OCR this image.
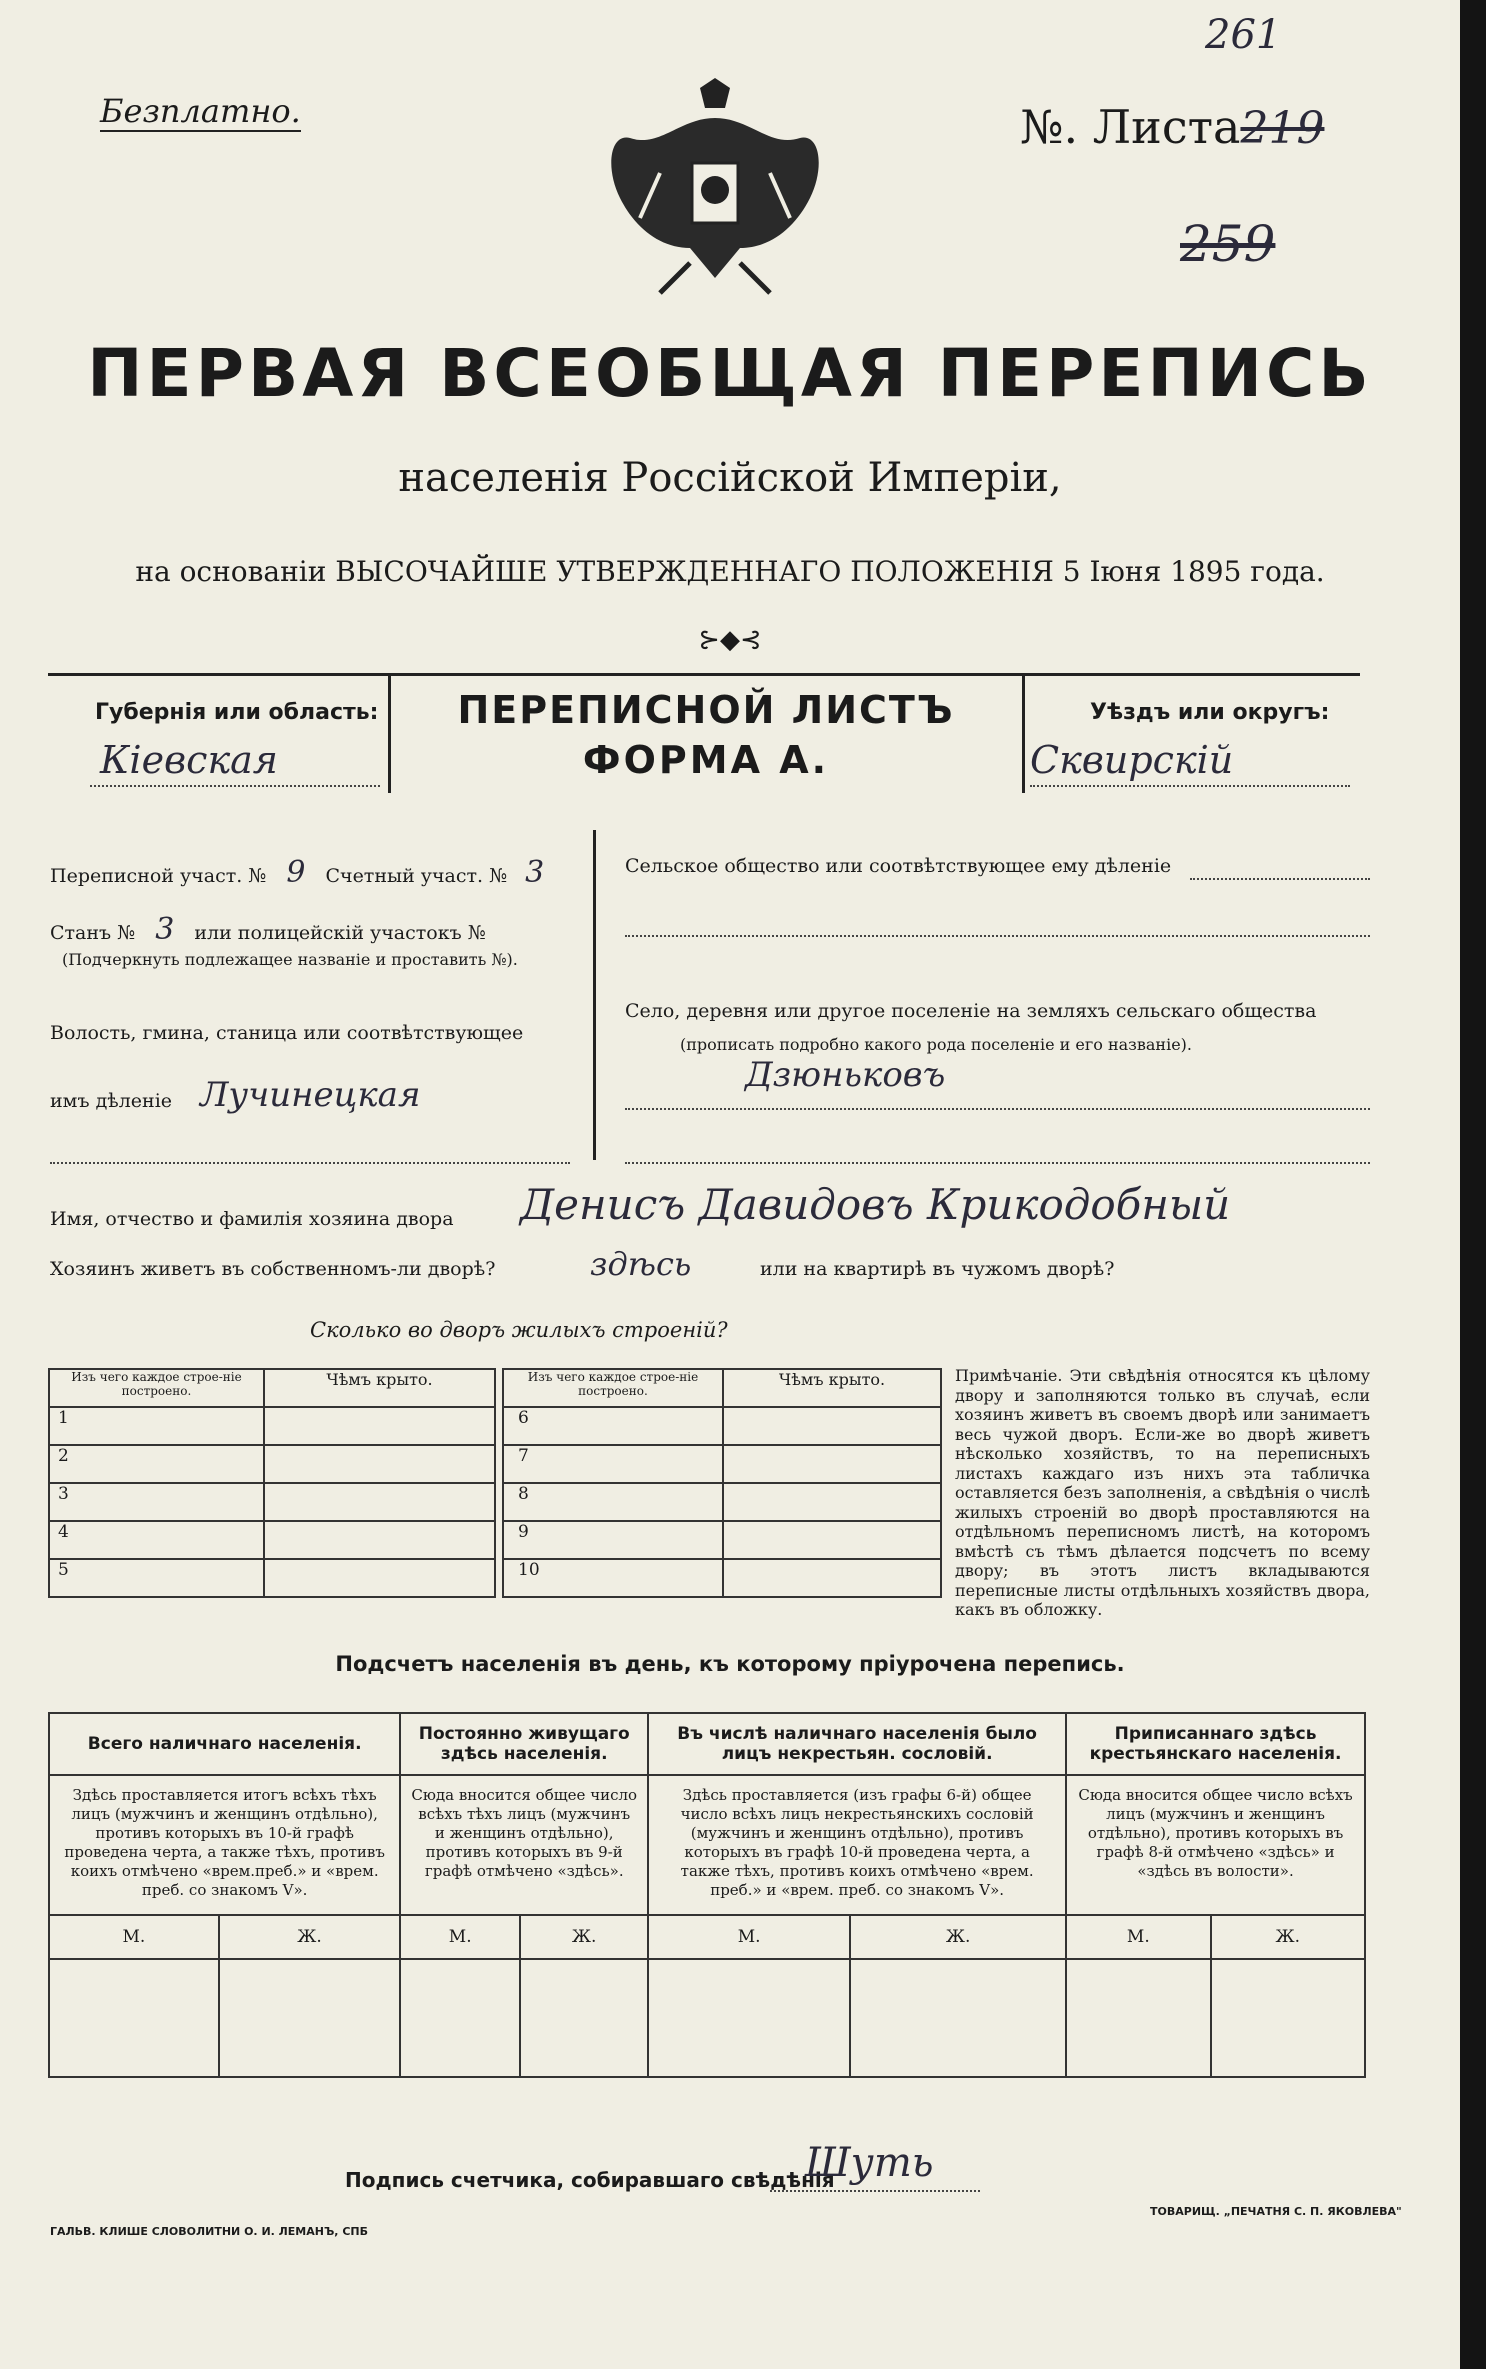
261
Безплатно.	№. Листа219
259
ПЕРВАЯ ВСЕОБЩАЯ ПЕРЕПИСЬ
населенія Россійской Имперіи,
на основаніи ВЫСОЧАЙШЕ УТВЕРЖДЕННАГО ПОЛОЖЕНІЯ 5 Іюня 1895 года.
⊱◆⊰
Губернія или область:
Кіевская
ПЕРЕПИСНОЙ ЛИСТЪ
ФОРМА А.
Уѣздъ или округъ:
Сквирскій
Переписной участ. № 9 Счетный участ. № 3
Станъ № 3 или полицейскій участокъ №
(Подчеркнуть подлежащее названіе и проставить №).
Волость, гмина, станица или соотвѣтствующее
имъ дѣленіе Лучинецкая
Сельское общество или соотвѣтствующее ему дѣленіе
Село, деревня или другое поселеніе на земляхъ сельскаго общества
(прописать подробно какого рода поселеніе и его названіе).
Дзюньковъ
Имя, отчество и фамилія хозяина двора Денисъ Давидовъ Крикодобный
Хозяинъ живетъ въ собственномъ-ли дворѣ?	здѣсь	или на квартирѣ въ чужомъ дворѣ?
Сколько во дворъ жилыхъ строеній?
Изъ чего каждое строе-ніе построено.	Чѣмъ крыто.
1	
2	
3	
4	
5	
Изъ чего каждое строе-ніе построено.	Чѣмъ крыто.
6	
7	
8	
9	
10	
Примѣчаніе. Эти свѣдѣнія относятся къ цѣлому двору и заполняются только въ случаѣ, если хозяинъ живетъ въ своемъ дворѣ или занимаетъ весь чужой дворъ. Если-же во дворѣ живетъ нѣсколько хозяйствъ, то на переписныхъ листахъ каждаго изъ нихъ эта табличка оставляется безъ заполненія, а свѣдѣнія о числѣ жилыхъ строеній во дворѣ проставляются на отдѣльномъ переписномъ листѣ, на которомъ вмѣстѣ съ тѣмъ дѣлается подсчетъ по всему двору; въ этотъ листъ вкладываются переписные листы отдѣльныхъ хозяйствъ двора, какъ въ обложку.
Подсчетъ населенія въ день, къ которому пріурочена перепись.
Всего наличнаго населенія.		Постоянно живущаго здѣсь населенія.		Въ числѣ наличнаго населенія было лицъ некрестьян. сословій.		Приписаннаго здѣсь крестьянскаго населенія.	
Здѣсь проставляется итогъ всѣхъ тѣхъ лицъ (мужчинъ и женщинъ отдѣльно), противъ которыхъ въ 10-й графѣ проведена черта, а также тѣхъ, противъ коихъ отмѣчено «врем.преб.» и «врем. преб. со знакомъ V».		Сюда вносится общее число всѣхъ тѣхъ лицъ (мужчинъ и женщинъ отдѣльно), противъ которыхъ въ 9-й графѣ отмѣчено «здѣсь».		Здѣсь проставляется (изъ графы 6-й) общее число всѣхъ лицъ некрестьянскихъ сословій (мужчинъ и женщинъ отдѣльно), противъ которыхъ въ графѣ 10-й проведена черта, а также тѣхъ, противъ коихъ отмѣчено «врем. преб.» и «врем. преб. со знакомъ V».		Сюда вносится общее число всѣхъ лицъ (мужчинъ и женщинъ отдѣльно), противъ которыхъ въ графѣ 8-й отмѣчено «здѣсь» и «здѣсь въ волости».	
М.	Ж.	М.	Ж.	М.	Ж.	М.	Ж.

Подпись счетчика, собиравшаго свѣдѣнія
Шуть
ГАЛЬВ. КЛИШЕ СЛОВОЛИТНИ О. И. ЛЕМАНЪ, СПБ
ТОВАРИЩ. „ПЕЧАТНЯ С. П. ЯКОВЛЕВА"
